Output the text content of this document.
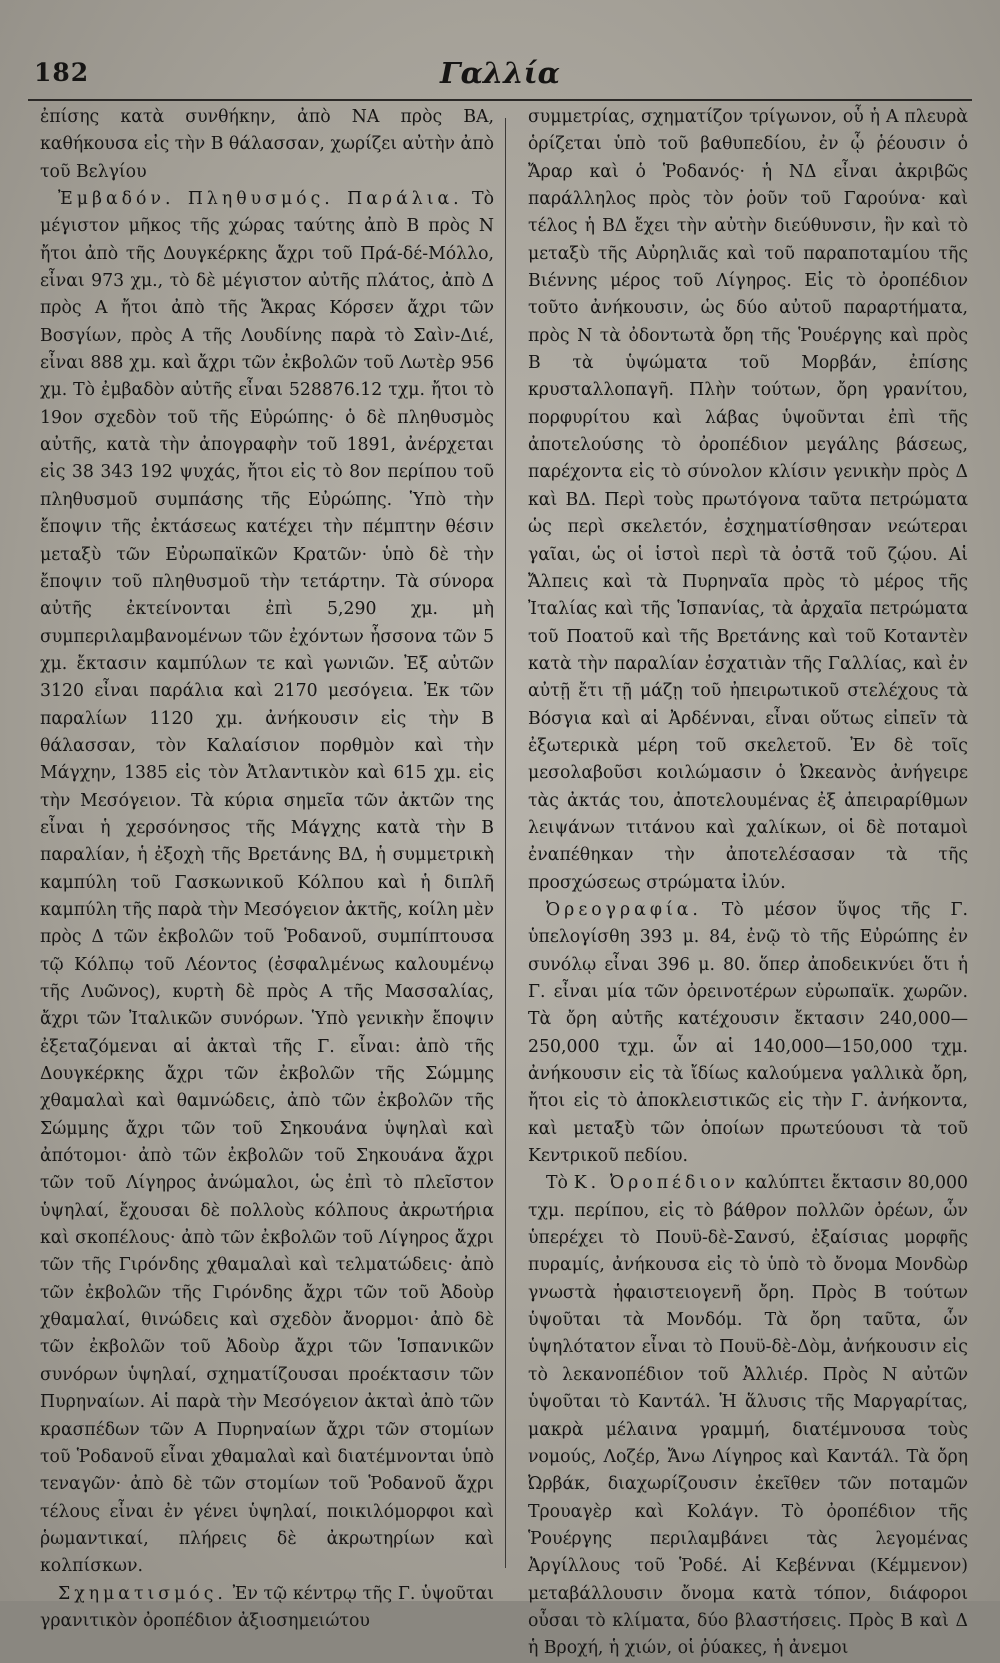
182	Γαλλία

ἐπίσης κατὰ συνθήκην, ἀπὸ ΝΑ πρὸς ΒΑ, καθήκουσα εἰς τὴν Β θάλασσαν, χωρίζει αὐτὴν ἀπὸ τοῦ Βελγίου

Ἐμβαδόν. Πληθυσμός. Παράλια. Τὸ μέγιστον μῆκος τῆς χώρας ταύτης ἀπὸ Β πρὸς Ν ἤτοι ἀπὸ τῆς Δουγκέρκης ἄχρι τοῦ Πρά-δέ-Μόλλο, εἶναι 973 χμ., τὸ δὲ μέγιστον αὐτῆς πλάτος, ἀπὸ Δ πρὸς Α ἤτοι ἀπὸ τῆς Ἄκρας Κόρσεν ἄχρι τῶν Βοσγίων, πρὸς Α τῆς Λουδίνης παρὰ τὸ Σαὶν-Διέ, εἶναι 888 χμ. καὶ ἄχρι τῶν ἐκβολῶν τοῦ Λωτὲρ 956 χμ. Τὸ ἐμβαδὸν αὐτῆς εἶναι 528876.12 τχμ. ἤτοι τὸ 19ον σχεδὸν τοῦ τῆς Εὐρώπης· ὁ δὲ πληθυσμὸς αὐτῆς, κατὰ τὴν ἀπογραφὴν τοῦ 1891, ἀνέρχεται εἰς 38 343 192 ψυχάς, ἤτοι εἰς τὸ 8ον περίπου τοῦ πληθυσμοῦ συμπάσης τῆς Εὐρώπης. Ὑπὸ τὴν ἔποψιν τῆς ἐκτάσεως κατέχει τὴν πέμπτην θέσιν μεταξὺ τῶν Εὐρωπαϊκῶν Κρατῶν· ὑπὸ δὲ τὴν ἔποψιν τοῦ πληθυσμοῦ τὴν τετάρτην. Τὰ σύνορα αὐτῆς ἐκτείνονται ἐπὶ 5,290 χμ. μὴ συμπεριλαμβανομένων τῶν ἐχόντων ἧσσονα τῶν 5 χμ. ἔκτασιν καμπύλων τε καὶ γωνιῶν. Ἐξ αὐτῶν 3120 εἶναι παράλια καὶ 2170 μεσόγεια. Ἐκ τῶν παραλίων 1120 χμ. ἀνήκουσιν εἰς τὴν Β θάλασσαν, τὸν Καλαίσιον πορθμὸν καὶ τὴν Μάγχην, 1385 εἰς τὸν Ἀτλαντικὸν καὶ 615 χμ. εἰς τὴν Μεσόγειον. Τὰ κύρια σημεῖα τῶν ἀκτῶν της εἶναι ἡ χερσόνησος τῆς Μάγχης κατὰ τὴν Β παραλίαν, ἡ ἐξοχὴ τῆς Βρετάνης ΒΔ, ἡ συμμετρικὴ καμπύλη τοῦ Γασκωνικοῦ Κόλπου καὶ ἡ διπλῆ καμπύλη τῆς παρὰ τὴν Μεσόγειον ἀκτῆς, κοίλη μὲν πρὸς Δ τῶν ἐκβολῶν τοῦ Ῥοδανοῦ, συμπίπτουσα τῷ Κόλπῳ τοῦ Λέοντος (ἐσφαλμένως καλουμένῳ τῆς Λυῶνος), κυρτὴ δὲ πρὸς Α τῆς Μασσαλίας, ἄχρι τῶν Ἰταλικῶν συνόρων. Ὑπὸ γενικὴν ἔποψιν ἐξεταζόμεναι αἱ ἀκταὶ τῆς Γ. εἶναι: ἀπὸ τῆς Δουγκέρκης ἄχρι τῶν ἐκβολῶν τῆς Σώμμης χθαμαλαὶ καὶ θαμνώδεις, ἀπὸ τῶν ἐκβολῶν τῆς Σώμμης ἄχρι τῶν τοῦ Σηκουάνα ὑψηλαὶ καὶ ἀπότομοι· ἀπὸ τῶν ἐκβολῶν τοῦ Σηκουάνα ἄχρι τῶν τοῦ Λίγηρος ἀνώμαλοι, ὡς ἐπὶ τὸ πλεῖστον ὑψηλαί, ἔχουσαι δὲ πολλοὺς κόλπους ἀκρωτήρια καὶ σκοπέλους· ἀπὸ τῶν ἐκβολῶν τοῦ Λίγηρος ἄχρι τῶν τῆς Γιρόνδης χθαμαλαὶ καὶ τελματώδεις· ἀπὸ τῶν ἐκβολῶν τῆς Γιρόνδης ἄχρι τῶν τοῦ Ἀδοὺρ χθαμαλαί, θινώδεις καὶ σχεδὸν ἄνορμοι· ἀπὸ δὲ τῶν ἐκβολῶν τοῦ Ἀδοὺρ ἄχρι τῶν Ἱσπανικῶν συνόρων ὑψηλαί, σχηματίζουσαι προέκτασιν τῶν Πυρηναίων. Αἱ παρὰ τὴν Μεσόγειον ἀκταὶ ἀπὸ τῶν κρασπέδων τῶν Α Πυρηναίων ἄχρι τῶν στομίων τοῦ Ῥοδανοῦ εἶναι χθαμαλαὶ καὶ διατέμνονται ὑπὸ τεναγῶν· ἀπὸ δὲ τῶν στομίων τοῦ Ῥοδανοῦ ἄχρι τέλους εἶναι ἐν γένει ὑψηλαί, ποικιλόμορφοι καὶ ῥωμαντικαί, πλήρεις δὲ ἀκρωτηρίων καὶ κολπίσκων.

Σχηματισμός. Ἐν τῷ κέντρῳ τῆς Γ. ὑψοῦται γρανιτικὸν ὀροπέδιον ἀξιοσημειώτου

συμμετρίας, σχηματίζον τρίγωνον, οὗ ἡ Α πλευρὰ ὁρίζεται ὑπὸ τοῦ βαθυπεδίου, ἐν ᾧ ῥέουσιν ὁ Ἄραρ καὶ ὁ Ῥοδανός· ἡ ΝΔ εἶναι ἀκριβῶς παράλληλος πρὸς τὸν ῥοῦν τοῦ Γαρούνα· καὶ τέλος ἡ ΒΔ ἔχει τὴν αὐτὴν διεύθυνσιν, ἣν καὶ τὸ μεταξὺ τῆς Αὐρηλιᾶς καὶ τοῦ παραποταμίου τῆς Βιέννης μέρος τοῦ Λίγηρος. Εἰς τὸ ὀροπέδιον τοῦτο ἀνήκουσιν, ὡς δύο αὐτοῦ παραρτήματα, πρὸς Ν τὰ ὀδοντωτὰ ὄρη τῆς Ῥουέργης καὶ πρὸς Β τὰ ὑψώματα τοῦ Μορβάν, ἐπίσης κρυσταλλοπαγῆ. Πλὴν τούτων, ὄρη γρανίτου, πορφυρίτου καὶ λάβας ὑψοῦνται ἐπὶ τῆς ἀποτελούσης τὸ ὀροπέδιον μεγάλης βάσεως, παρέχοντα εἰς τὸ σύνολον κλίσιν γενικὴν πρὸς Δ καὶ ΒΔ. Περὶ τοὺς πρωτόγονα ταῦτα πετρώματα ὡς περὶ σκελετόν, ἐσχηματίσθησαν νεώτεραι γαῖαι, ὡς οἱ ἱστοὶ περὶ τὰ ὀστᾶ τοῦ ζῴου. Αἱ Ἄλπεις καὶ τὰ Πυρηναῖα πρὸς τὸ μέρος τῆς Ἰταλίας καὶ τῆς Ἱσπανίας, τὰ ἀρχαῖα πετρώματα τοῦ Ποατοῦ καὶ τῆς Βρετάνης καὶ τοῦ Κοταντὲν κατὰ τὴν παραλίαν ἐσχατιὰν τῆς Γαλλίας, καὶ ἐν αὐτῇ ἔτι τῇ μάζῃ τοῦ ἠπειρωτικοῦ στελέχους τὰ Βόσγια καὶ αἱ Ἀρδένναι, εἶναι οὕτως εἰπεῖν τὰ ἐξωτερικὰ μέρη τοῦ σκελετοῦ. Ἐν δὲ τοῖς μεσολαβοῦσι κοιλώμασιν ὁ Ὠκεανὸς ἀνήγειρε τὰς ἀκτάς του, ἀποτελουμένας ἐξ ἀπειραρίθμων λειψάνων τιτάνου καὶ χαλίκων, οἱ δὲ ποταμοὶ ἐναπέθηκαν τὴν ἀποτελέσασαν τὰ τῆς προσχώσεως στρώματα ἰλύν.

Ὀρεογραφία. Τὸ μέσον ὕψος τῆς Γ. ὑπελογίσθη 393 μ. 84, ἐνῷ τὸ τῆς Εὐρώπης ἐν συνόλῳ εἶναι 396 μ. 80. ὅπερ ἀποδεικνύει ὅτι ἡ Γ. εἶναι μία τῶν ὀρεινοτέρων εὐρωπαϊκ. χωρῶν. Τὰ ὄρη αὐτῆς κατέχουσιν ἔκτασιν 240,000—250,000 τχμ. ὧν αἱ 140,000—150,000 τχμ. ἀνήκουσιν εἰς τὰ ἴδίως καλούμενα γαλλικὰ ὄρη, ἤτοι εἰς τὸ ἀποκλειστικῶς εἰς τὴν Γ. ἀνήκοντα, καὶ μεταξὺ τῶν ὁποίων πρωτεύουσι τὰ τοῦ Κεντρικοῦ πεδίου.

Τὸ Κ. Ὀροπέδιον καλύπτει ἔκτασιν 80,000 τχμ. περίπου, εἰς τὸ βάθρον πολλῶν ὀρέων, ὧν ὑπερέχει τὸ Πουϋ-δὲ-Σανσύ, ἐξαίσιας μορφῆς πυραμίς, ἀνήκουσα εἰς τὸ ὑπὸ τὸ ὄνομα Μονδὼρ γνωστὰ ἡφαιστειογενῆ ὄρη. Πρὸς Β τούτων ὑψοῦται τὰ Μονδόμ. Τὰ ὄρη ταῦτα, ὧν ὑψηλότατον εἶναι τὸ Πουϋ-δὲ-Δὸμ, ἀνήκουσιν εἰς τὸ λεκανοπέδιον τοῦ Ἀλλιέρ. Πρὸς Ν αὐτῶν ὑψοῦται τὸ Καντάλ. Ἡ ἅλυσις τῆς Μαργαρίτας, μακρὰ μέλαινα γραμμή, διατέμνουσα τοὺς νομούς, Λοζέρ, Ἄνω Λίγηρος καὶ Καντάλ. Τὰ ὄρη Ὠρβάκ, διαχωρίζουσιν ἐκεῖθεν τῶν ποταμῶν Τρουαγὲρ καὶ Κολάγν. Τὸ ὀροπέδιον τῆς Ῥουέργης περιλαμβάνει τὰς λεγομένας Ἀργίλλους τοῦ Ῥοδέ. Αἱ Κεβένναι (Κέμμενον) μεταβάλλουσιν ὄνομα κατὰ τόπον, διάφοροι οὖσαι τὸ κλίματα, δύο βλαστήσεις. Πρὸς Β καὶ Δ ἡ Βροχή, ἡ χιών, οἱ ῥύακες, ἡ ἀνεμοι
